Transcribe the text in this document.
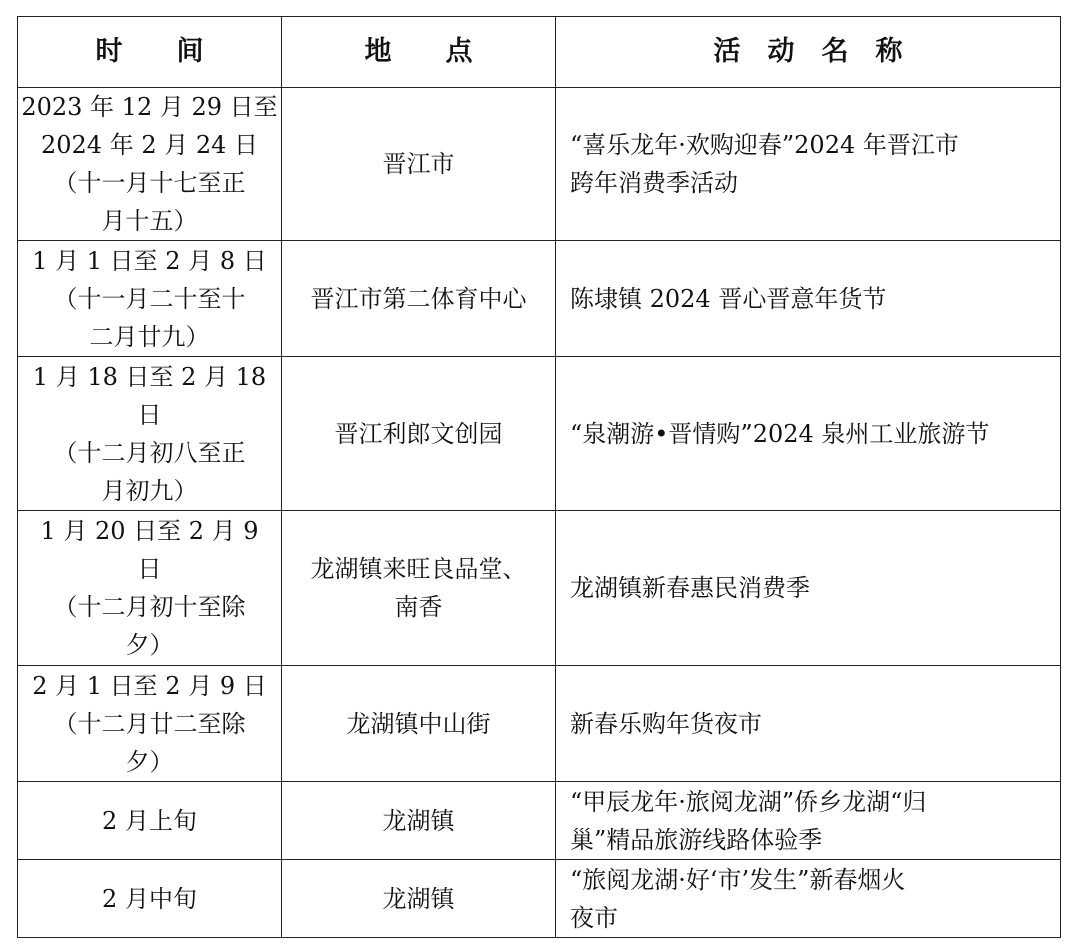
时　　间	地　　点	活　动　名　称
2023 年 12 月 29 日至
2024 年 2 月 24 日
（十一月十七至正
月十五）	晋江市	“喜乐龙年·欢购迎春”2024 年晋江市
跨年消费季活动
1 月 1 日至 2 月 8 日
（十一月二十至十
二月廿九）	晋江市第二体育中心	陈埭镇 2024 晋心晋意年货节
1 月 18 日至 2 月 18
日
（十二月初八至正
月初九）	晋江利郎文创园	“泉潮游•晋情购”2024 泉州工业旅游节
1 月 20 日至 2 月 9
日
（十二月初十至除
夕）	龙湖镇来旺良品堂、
南香	龙湖镇新春惠民消费季
2 月 1 日至 2 月 9 日
（十二月廿二至除
夕）	龙湖镇中山街	新春乐购年货夜市
2 月上旬	龙湖镇	“甲辰龙年·旅阅龙湖”侨乡龙湖“归
巢”精品旅游线路体验季
2 月中旬	龙湖镇	“旅阅龙湖·好‘市’发生”新春烟火
夜市
